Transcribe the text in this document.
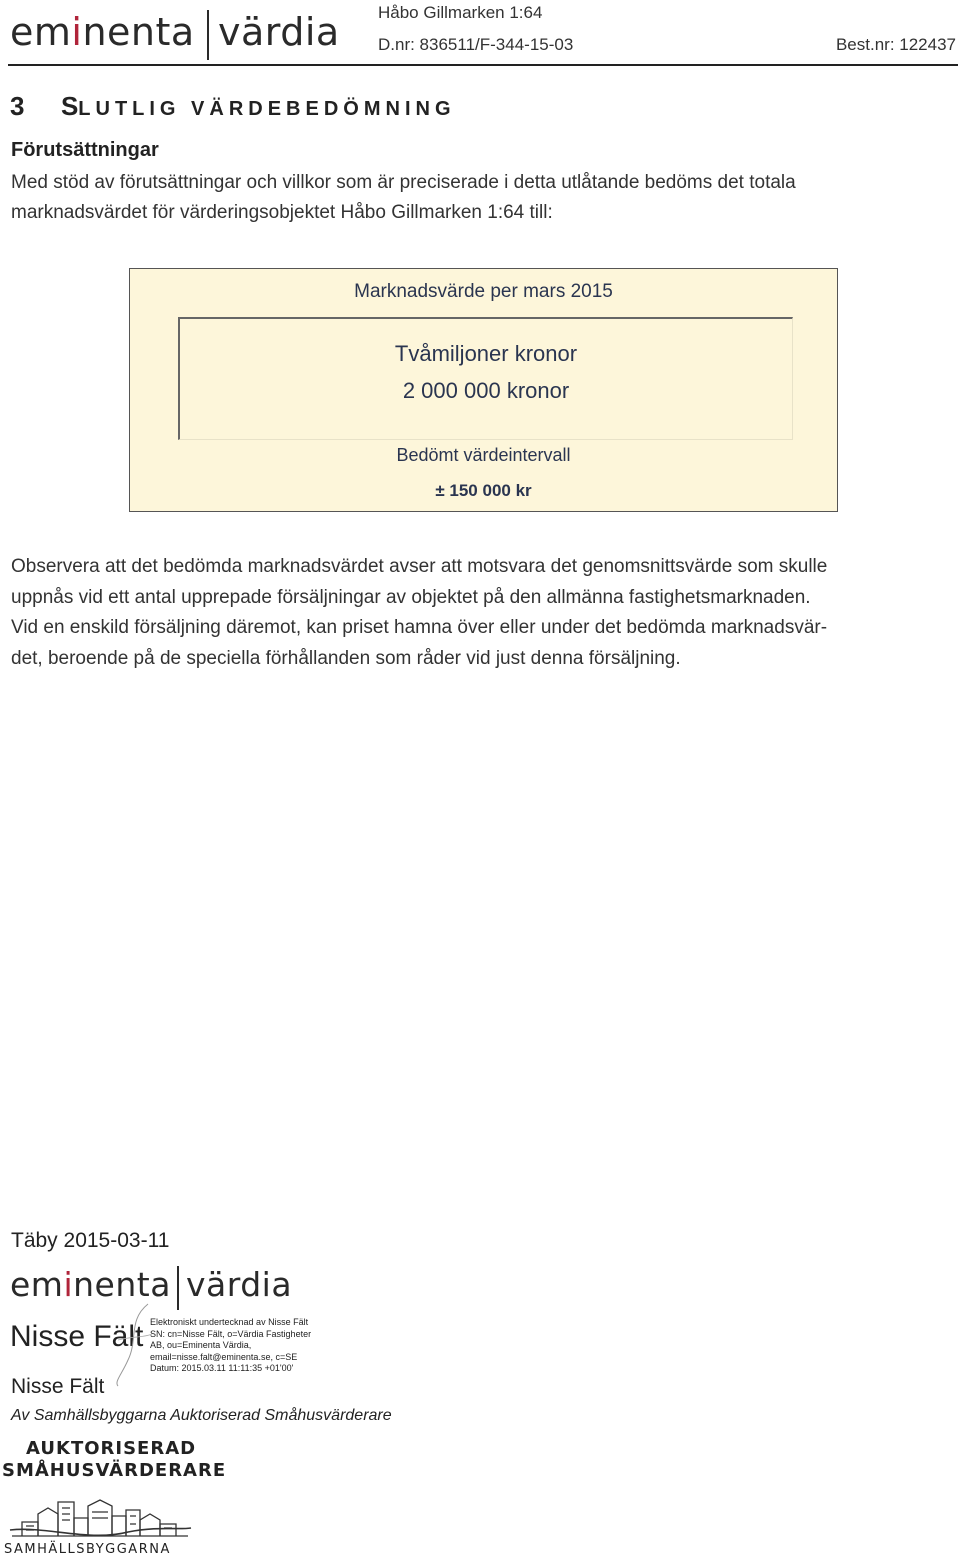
eminenta värdia Håbo Gillmarken 1:64
D.nr: 836511/F-344-15-03	Best.nr: 122437
3 SLUTLIG VÄRDEBEDÖMNING
Förutsättningar
Med stöd av förutsättningar och villkor som är preciserade i detta utlåtande bedöms det totala marknadsvärdet för värderingsobjektet Håbo Gillmarken 1:64 till:
Marknadsvärde per mars 2015
Tvåmiljoner kronor
2 000 000 kronor
Bedömt värdeintervall
± 150 000 kr
Observera att det bedömda marknadsvärdet avser att motsvara det genomsnittsvärde som skulle
uppnås vid ett antal upprepade försäljningar av objektet på den allmänna fastighetsmarknaden.
Vid en enskild försäljning däremot, kan priset hamna över eller under det bedömda marknadsvär-
det, beroende på de speciella förhållanden som råder vid just denna försäljning.
Täby 2015-03-11
eminenta värdia
Nisse Fält Elektroniskt undertecknad av Nisse Fält
SN: cn=Nisse Fält, o=Värdia Fastigheter
AB, ou=Eminenta Värdia,
email=nisse.falt@eminenta.se, c=SE
Datum: 2015.03.11 11:11:35 +01'00'
Nisse Fält
Av Samhällsbyggarna Auktoriserad Småhusvärderare
AUKTORISERAD
SMÅHUSVÄRDERARE
SAMHÄLLSBYGGARNA
